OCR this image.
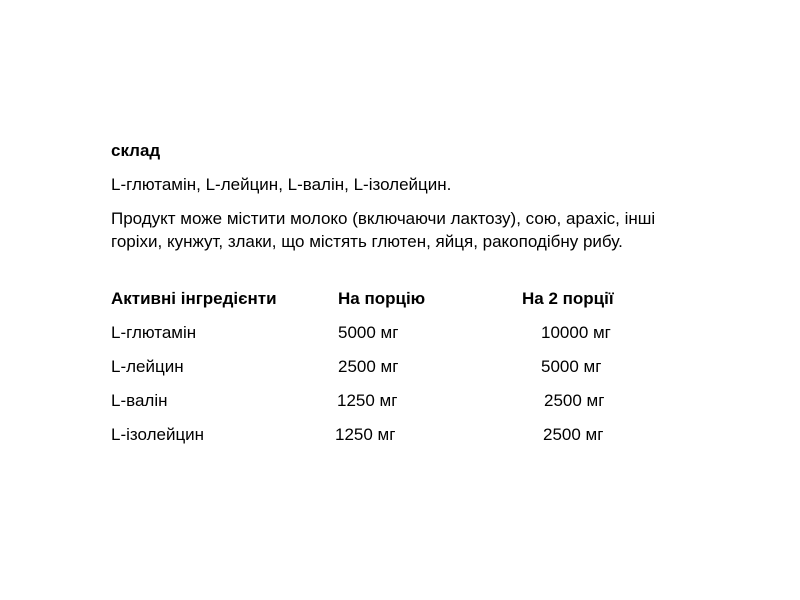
склад
L-глютамін, L-лейцин, L-валін, L-ізолейцин.
Продукт може містити молоко (включаючи лактозу), сою, арахіс, інші горіхи, кунжут, злаки, що містять глютен, яйця, ракоподібну рибу.
Активні інгредієнти	На порцію	На 2 порції
L-глютамін	5000 мг	10000 мг
L-лейцин	2500 мг	5000 мг
L-валін	1250 мг	2500 мг
L-ізолейцин	1250 мг	2500 мг
